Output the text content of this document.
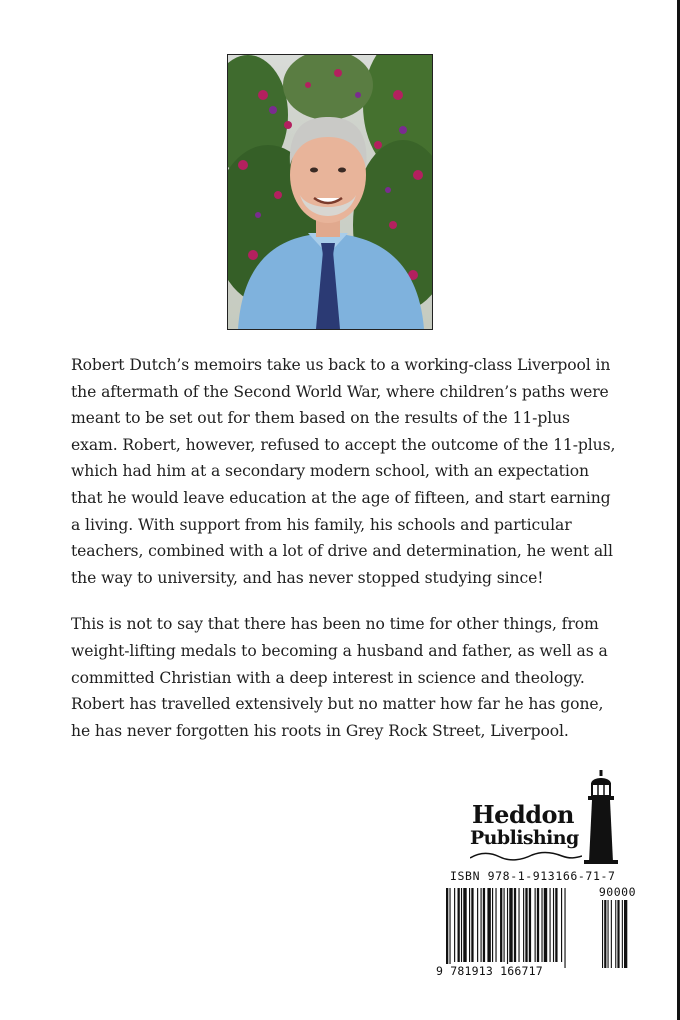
Robert Dutch’s memoirs take us back to a working-class Liverpool in the aftermath of the Second World War, where children’s paths were meant to be set out for them based on the results of the 11-plus exam. Robert, however, refused to accept the outcome of the 11-plus, which had him at a secondary modern school, with an expectation that he would leave education at the age of fifteen, and start earning a living. With support from his family, his schools and particular teachers, combined with a lot of drive and determination, he went all the way to university, and has never stopped studying since!

This is not to say that there has been no time for other things, from weight-lifting medals to becoming a husband and father, as well as a committed Christian with a deep interest in science and theology. Robert has travelled extensively but no matter how far he has gone, he has never forgotten his roots in Grey Rock Street, Liverpool.

Heddon
Publishing
ISBN 978-1-913166-71-7
90000
9 781913 166717
